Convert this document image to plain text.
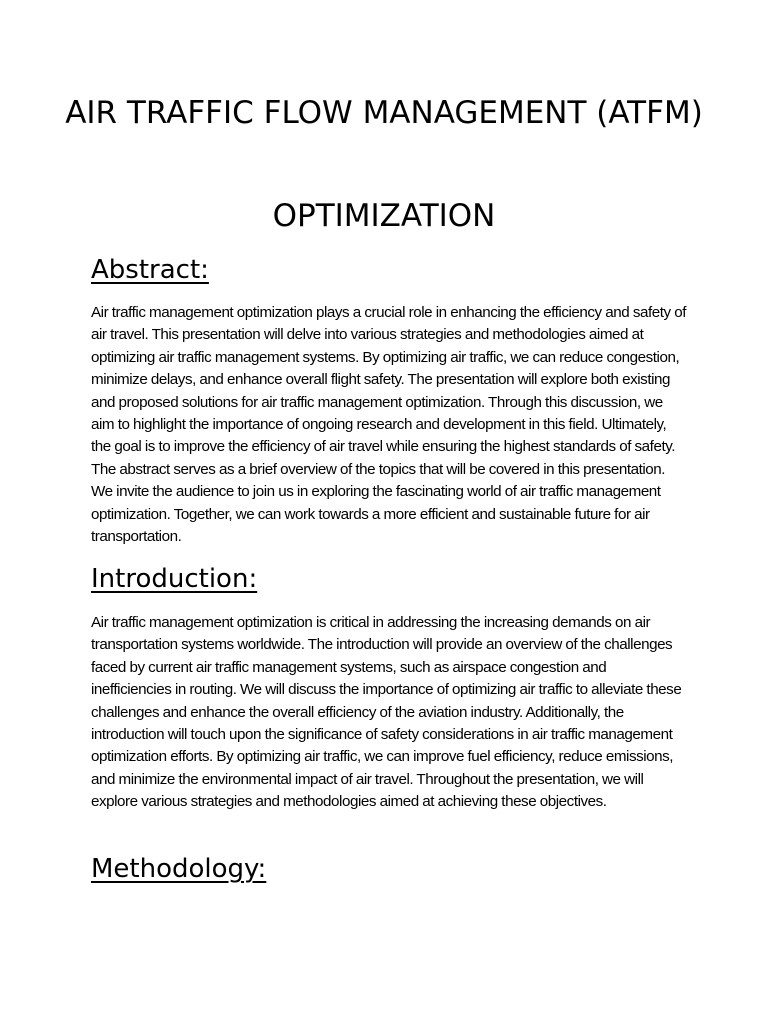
AIR TRAFFIC FLOW MANAGEMENT (ATFM)
OPTIMIZATION
Abstract:

Air traffic management optimization plays a crucial role in enhancing the efficiency and safety of air travel. This presentation will delve into various strategies and methodologies aimed at optimizing air traffic management systems. By optimizing air traffic, we can reduce congestion, minimize delays, and enhance overall flight safety. The presentation will explore both existing and proposed solutions for air traffic management optimization. Through this discussion, we aim to highlight the importance of ongoing research and development in this field. Ultimately, the goal is to improve the efficiency of air travel while ensuring the highest standards of safety. The abstract serves as a brief overview of the topics that will be covered in this presentation. We invite the audience to join us in exploring the fascinating world of air traffic management optimization. Together, we can work towards a more efficient and sustainable future for air transportation.

Introduction:

Air traffic management optimization is critical in addressing the increasing demands on air transportation systems worldwide. The introduction will provide an overview of the challenges faced by current air traffic management systems, such as airspace congestion and inefficiencies in routing. We will discuss the importance of optimizing air traffic to alleviate these challenges and enhance the overall efficiency of the aviation industry. Additionally, the introduction will touch upon the significance of safety considerations in air traffic management optimization efforts. By optimizing air traffic, we can improve fuel efficiency, reduce emissions, and minimize the environmental impact of air travel. Throughout the presentation, we will explore various strategies and methodologies aimed at achieving these objectives.

Methodology:
